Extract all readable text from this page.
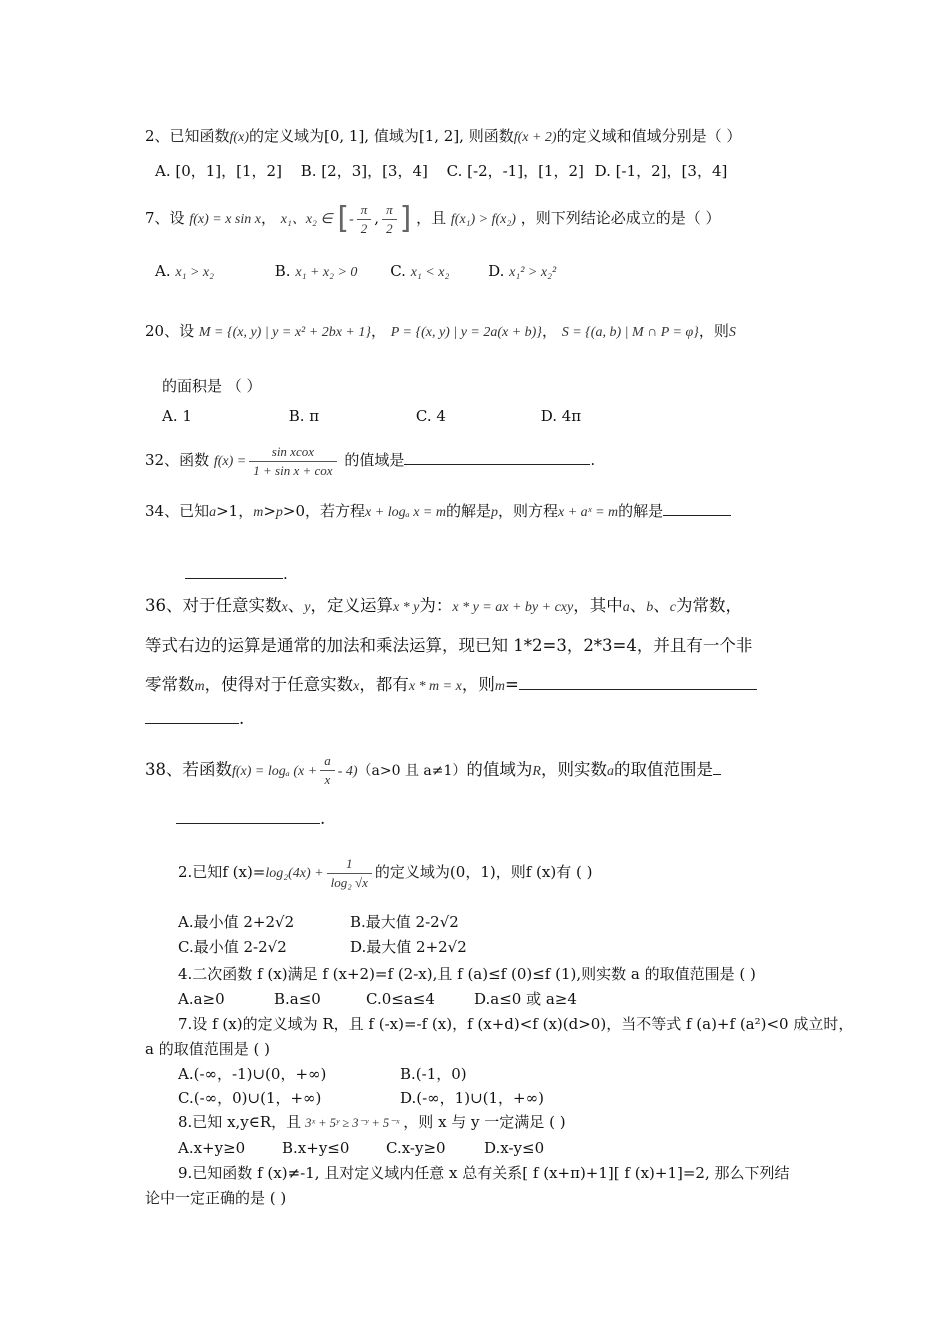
2、已知函数f(x)的定义域为[0, 1], 值域为[1, 2], 则函数f(x + 2)的定义域和值域分别是（ ）
A. [0，1]，[1，2] B. [2，3]，[3，4] C. [-2，-1]，[1，2] D. [-1，2]，[3，4]
7、设 f(x) = x sin x， x₁、x₂ ∈ [- $\frac{\pi}{2}$ , $\frac{\pi}{2}$ ] ，且 f(x₁) > f(x₂) ，则下列结论必成立的是（ ）
A. x₁ > x₂	B. x₁ + x₂ > 0 C. x₁ < x₂	D. x₁² > x₂²
20、设 M = {(x, y) | y = x² + 2bx + 1}， P = {(x, y) | y = 2a(x + b)}， S = {(a, b) | M ∩ P = φ}，则S
的面积是 （ ）
A. 1	B. π	C. 4	D. 4π
32、函数 $f(x) = \frac{\text{sin xcox}}{\text{1 + sin x + cox}}$ 的值域是	.
34、已知a>1，m>p>0，若方程x + logₐ x = m的解是p，则方程x + aˣ = m的解是
.
36、对于任意实数x、y，定义运算x * y为：x * y = ax + by + cxy，其中a、b、c为常数，
等式右边的运算是通常的加法和乘法运算，现已知 1*2=3，2*3=4，并且有一个非
零常数m，使得对于任意实数x，都有x * m = x，则m=
.
38、若函数f(x) = logₐ $(x + \frac{a}{x} - 4)(a>0$ 且 a≠1）的值域为R，则实数a的取值范围是
.
2.已知f $(x)=\log_2(4x) + \frac{1}{\text{log₂ √x}}$ 的定义域为(0，1)，则f (x)有 ( )
A.最小值 2+2√2	B.最大值 2-2√2
C.最小值 2-2√2	D.最大值 2+2√2
4.二次函数 f (x)满足 f (x+2)=f (2-x),且 f (a)≤f (0)≤f (1),则实数 a 的取值范围是 ( )
A.a≥0	B.a≤0	C.0≤a≤4	D.a≤0 或 a≥4
7.设 f (x)的定义域为 R，且 f (-x)=-f (x)，f (x+d)<f (x)(d>0)，当不等式 f (a)+f (a²)<0 成立时，
a 的取值范围是 ( )
A.(-∞，-1)∪(0，+∞)	B.(-1，0)
C.(-∞，0)∪(1，+∞)	D.(-∞，1)∪(1，+∞)
8.已知 x,y∈R，且 3ˣ + 5ʸ ≥ 3⁻ʸ + 5⁻ˣ ，则 x 与 y 一定满足 ( )
A.x+y≥0 B.x+y≤0 C.x-y≥0	D.x-y≤0
9.已知函数 f (x)≠-1, 且对定义域内任意 x 总有关系[ f (x+π)+1][ f (x)+1]=2, 那么下列结
论中一定正确的是 ( )
